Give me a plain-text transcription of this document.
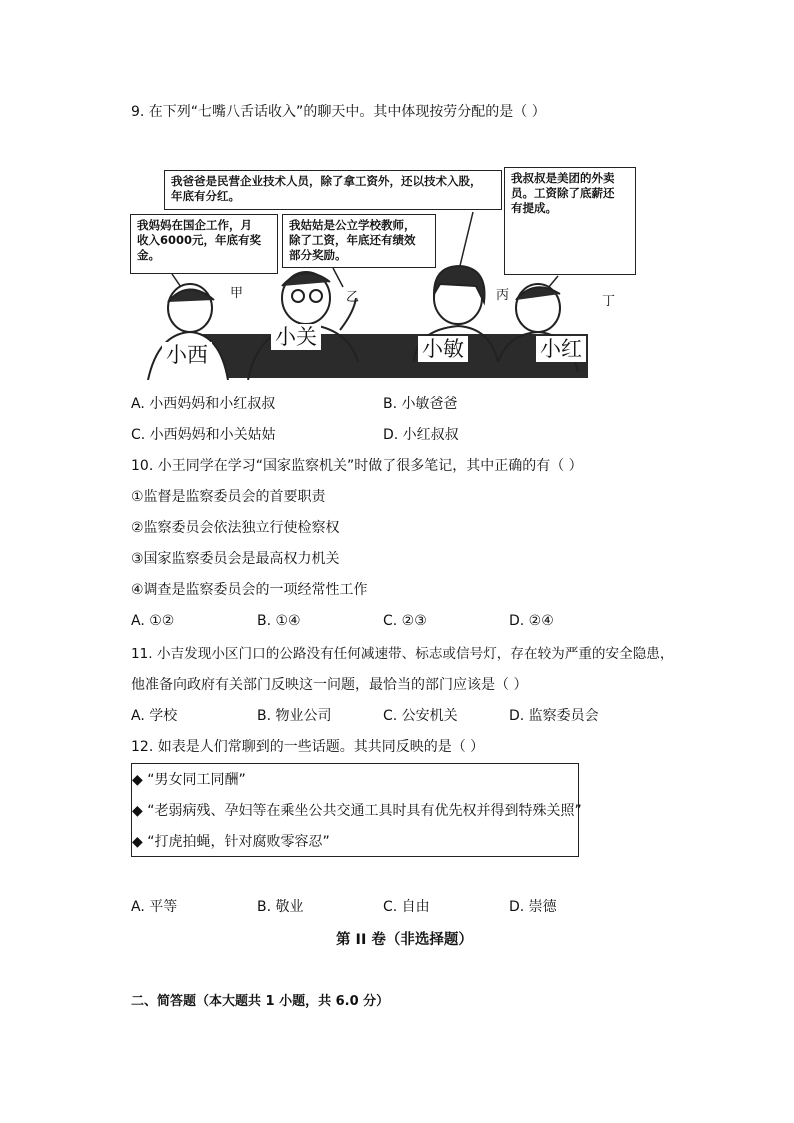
9. 在下列“七嘴八舌话收入”的聊天中。其中体现按劳分配的是（ ）
我爸爸是民营企业技术人员，除了拿工资外，还以技术入股，
年底有分红。
我叔叔是美团的外卖
员。工资除了底薪还
有提成。
我妈妈在国企工作，月
收入6000元，年底有奖
金。
我姑姑是公立学校教师，
除了工资，年底还有绩效
部分奖励。
甲	乙	丙	丁
小西
小关	小敏	小红
A. 小西妈妈和小红叔叔	B. 小敏爸爸
C. 小西妈妈和小关姑姑	D. 小红叔叔
10. 小王同学在学习“国家监察机关”时做了很多笔记，其中正确的有（ ）
①监督是监察委员会的首要职责
②监察委员会依法独立行使检察权
③国家监察委员会是最高权力机关
④调查是监察委员会的一项经常性工作
A. ①②	B. ①④	C. ②③	D. ②④
11. 小吉发现小区门口的公路没有任何减速带、标志或信号灯，存在较为严重的安全隐患，
他准备向政府有关部门反映这一问题，最恰当的部门应该是（ ）
A. 学校	B. 物业公司	C. 公安机关	D. 监察委员会
12. 如表是人们常聊到的一些话题。其共同反映的是（ ）
◆ “男女同工同酬”
◆ “老弱病残、孕妇等在乘坐公共交通工具时具有优先权并得到特殊关照”
◆ “打虎拍蝇，针对腐败零容忍”
A. 平等	B. 敬业	C. 自由	D. 崇德
第 II 卷（非选择题）
二、简答题（本大题共 1 小题，共 6.0 分）
